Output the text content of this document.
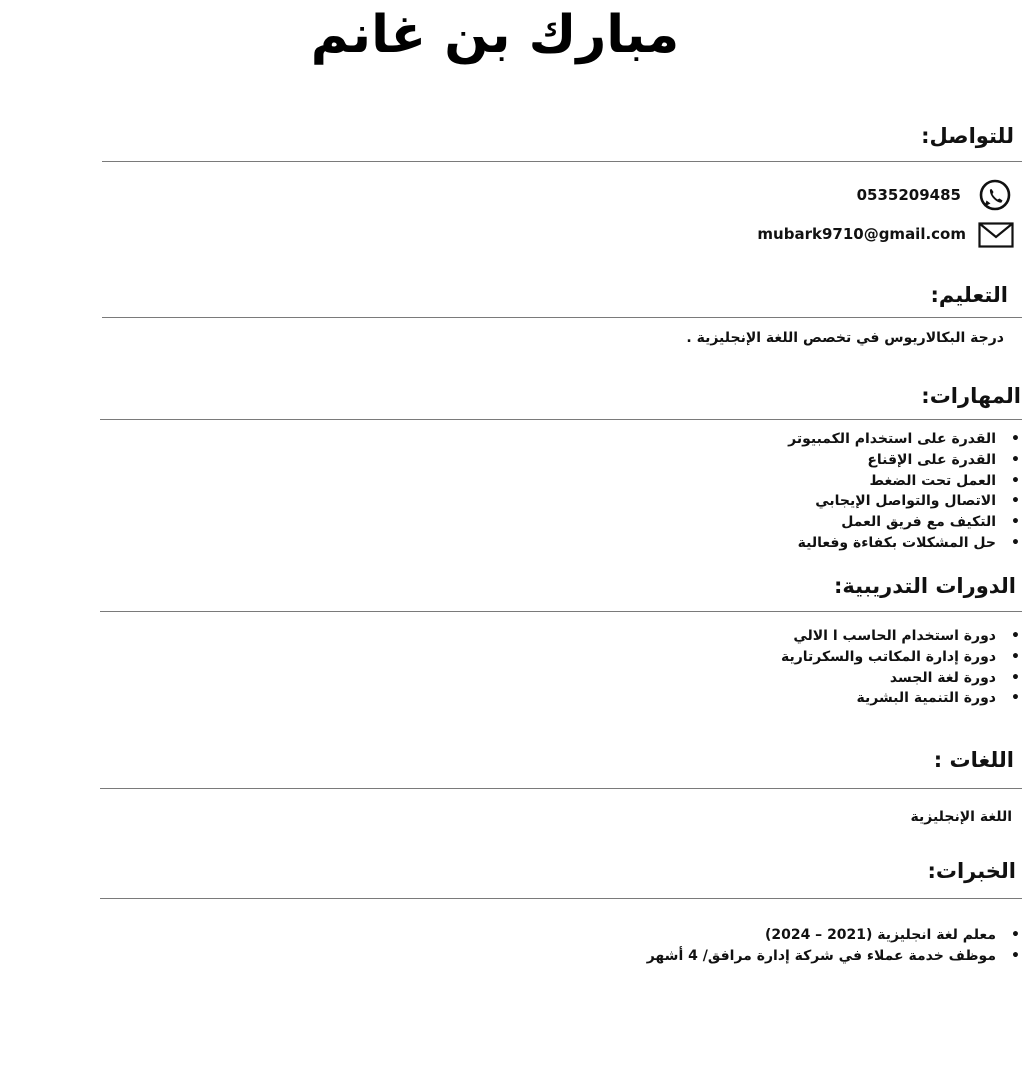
مبارك بن غانم
للتواصل:
0535209485
mubark9710@gmail.com
التعليم:
درجة البكالاريوس في تخصص اللغة الإنجليزية .
المهارات:
• القدرة على استخدام الكمبيوتر
• القدرة على الإقناع
• العمل تحت الضغط
• الاتصال والتواصل الإيجابي
• التكيف مع فريق العمل
• حل المشكلات بكفاءة وفعالية
الدورات التدريبية:
• دورة استخدام الحاسب ا الالي
• دورة إدارة المكاتب والسكرتارية
• دورة لغة الجسد
• دورة التنمية البشرية
اللغات :
اللغة الإنجليزية
الخبرات:
• معلم لغة انجليزية (2021 – 2024)
• موظف خدمة عملاء في شركة إدارة مرافق/ 4 أشهر
